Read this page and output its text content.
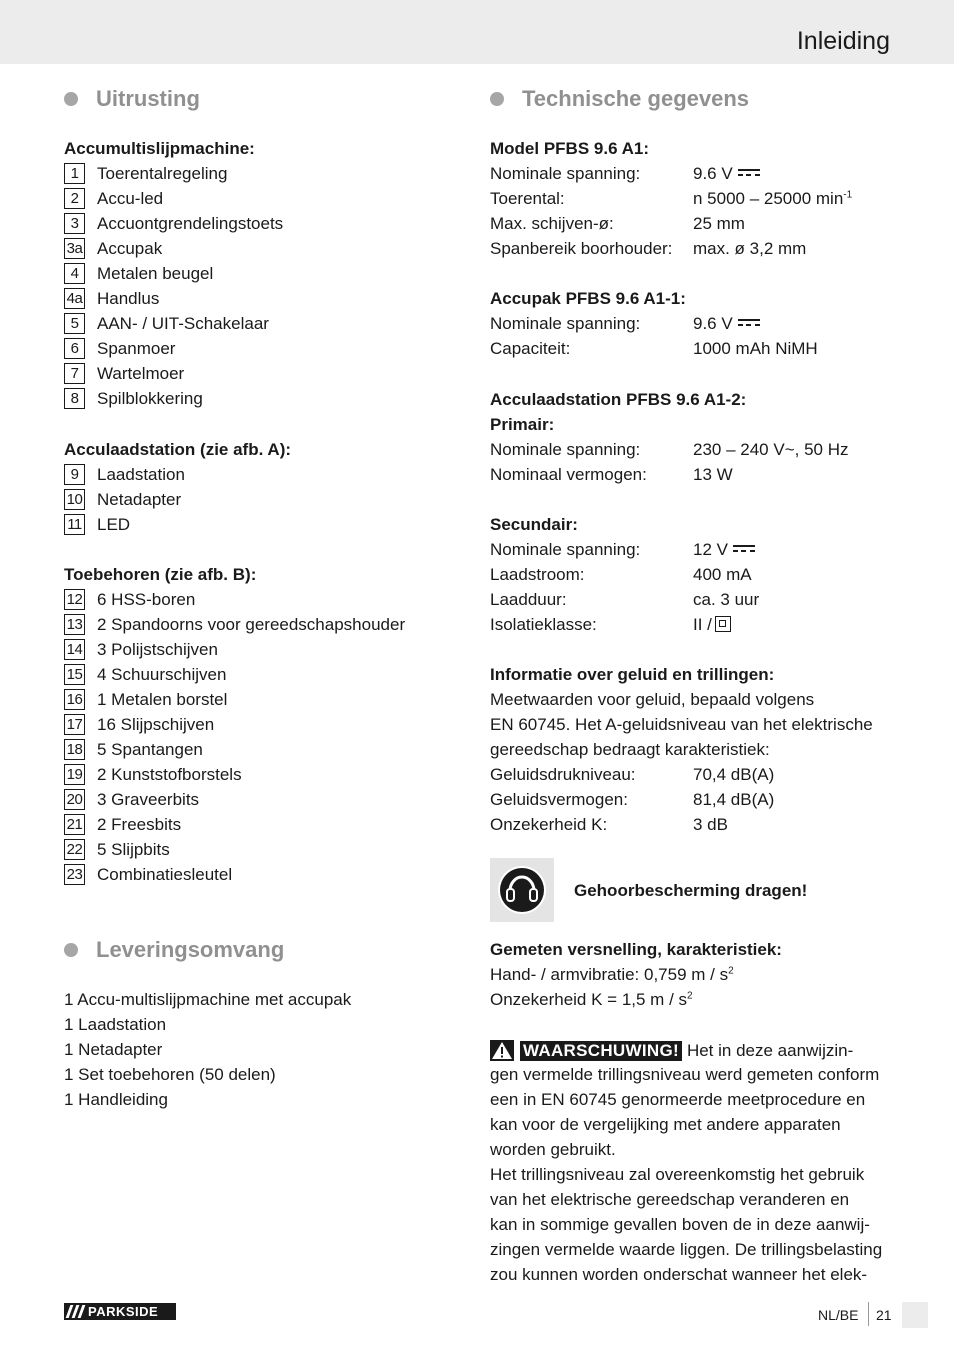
Inleiding
Uitrusting
Accumultislijpmachine:
1	Toerentalregeling
2	Accu-led
3	Accuontgrendelingstoets
3a Accupak
4	Metalen beugel
4a Handlus
5	AAN- / UIT-Schakelaar
6	Spanmoer
7	Wartelmoer
8	Spilblokkering
Acculaadstation (zie afb. A):
9	Laadstation
10 Netadapter
11 LED
Toebehoren (zie afb. B):
12 6 HSS-boren
13 2 Spandoorns voor gereedschapshouder
14 3 Polijstschijven
15 4 Schuurschijven
16 1 Metalen borstel
17 16 Slijpschijven
18 5 Spantangen
19 2 Kunststofborstels
20 3 Graveerbits
21 2 Freesbits
22 5 Slijpbits
23 Combinatiesleutel
Leveringsomvang
1 Accu-multislijpmachine met accupak
1 Laadstation
1 Netadapter
1 Set toebehoren (50 delen)
1 Handleiding
Technische gegevens
Model PFBS 9.6 A1:
Nominale spanning:	9.6 V
Toerental:	n 5000 – 25000 $\min^{-1}$
Max. schijven-ø:	25 mm
Spanbereik boorhouder: max. ø 3,2 mm
Accupak PFBS 9.6 A1-1:
Nominale spanning:	9.6 V
Capaciteit:	1000 mAh NiMH
Acculaadstation PFBS 9.6 A1-2:
Primair:
Nominale spanning:	230 – 240 V~, 50 Hz
Nominaal vermogen:	13 W
Secundair:
Nominale spanning:	12 V
Laadstroom:	400 mA
Laadduur:	ca. 3 uur
Isolatieklasse:	II /
Informatie over geluid en trillingen:
Meetwaarden voor geluid, bepaald volgens
EN 60745. Het A-geluidsniveau van het elektrische
gereedschap bedraagt karakteristiek:
Geluidsdrukniveau:	70,4 dB(A)
Geluidsvermogen:	81,4 dB(A)
Onzekerheid K:	3 dB
Gehoorbescherming dragen!
Gemeten versnelling, karakteristiek:
Hand- / armvibratie: 0,759 m / $s^2$
Onzekerheid K = 1,5 m / $s^2$
WAARSCHUWING! Het in deze aanwijzin-
gen vermelde trillingsniveau werd gemeten conform
een in EN 60745 genormeerde meetprocedure en
kan voor de vergelijking met andere apparaten
worden gebruikt.
Het trillingsniveau zal overeenkomstig het gebruik
van het elektrische gereedschap veranderen en
kan in sommige gevallen boven de in deze aanwij-
zingen vermelde waarde liggen. De trillingsbelasting
zou kunnen worden onderschat wanneer het elek-
PARKSIDE	NL/BE 21
